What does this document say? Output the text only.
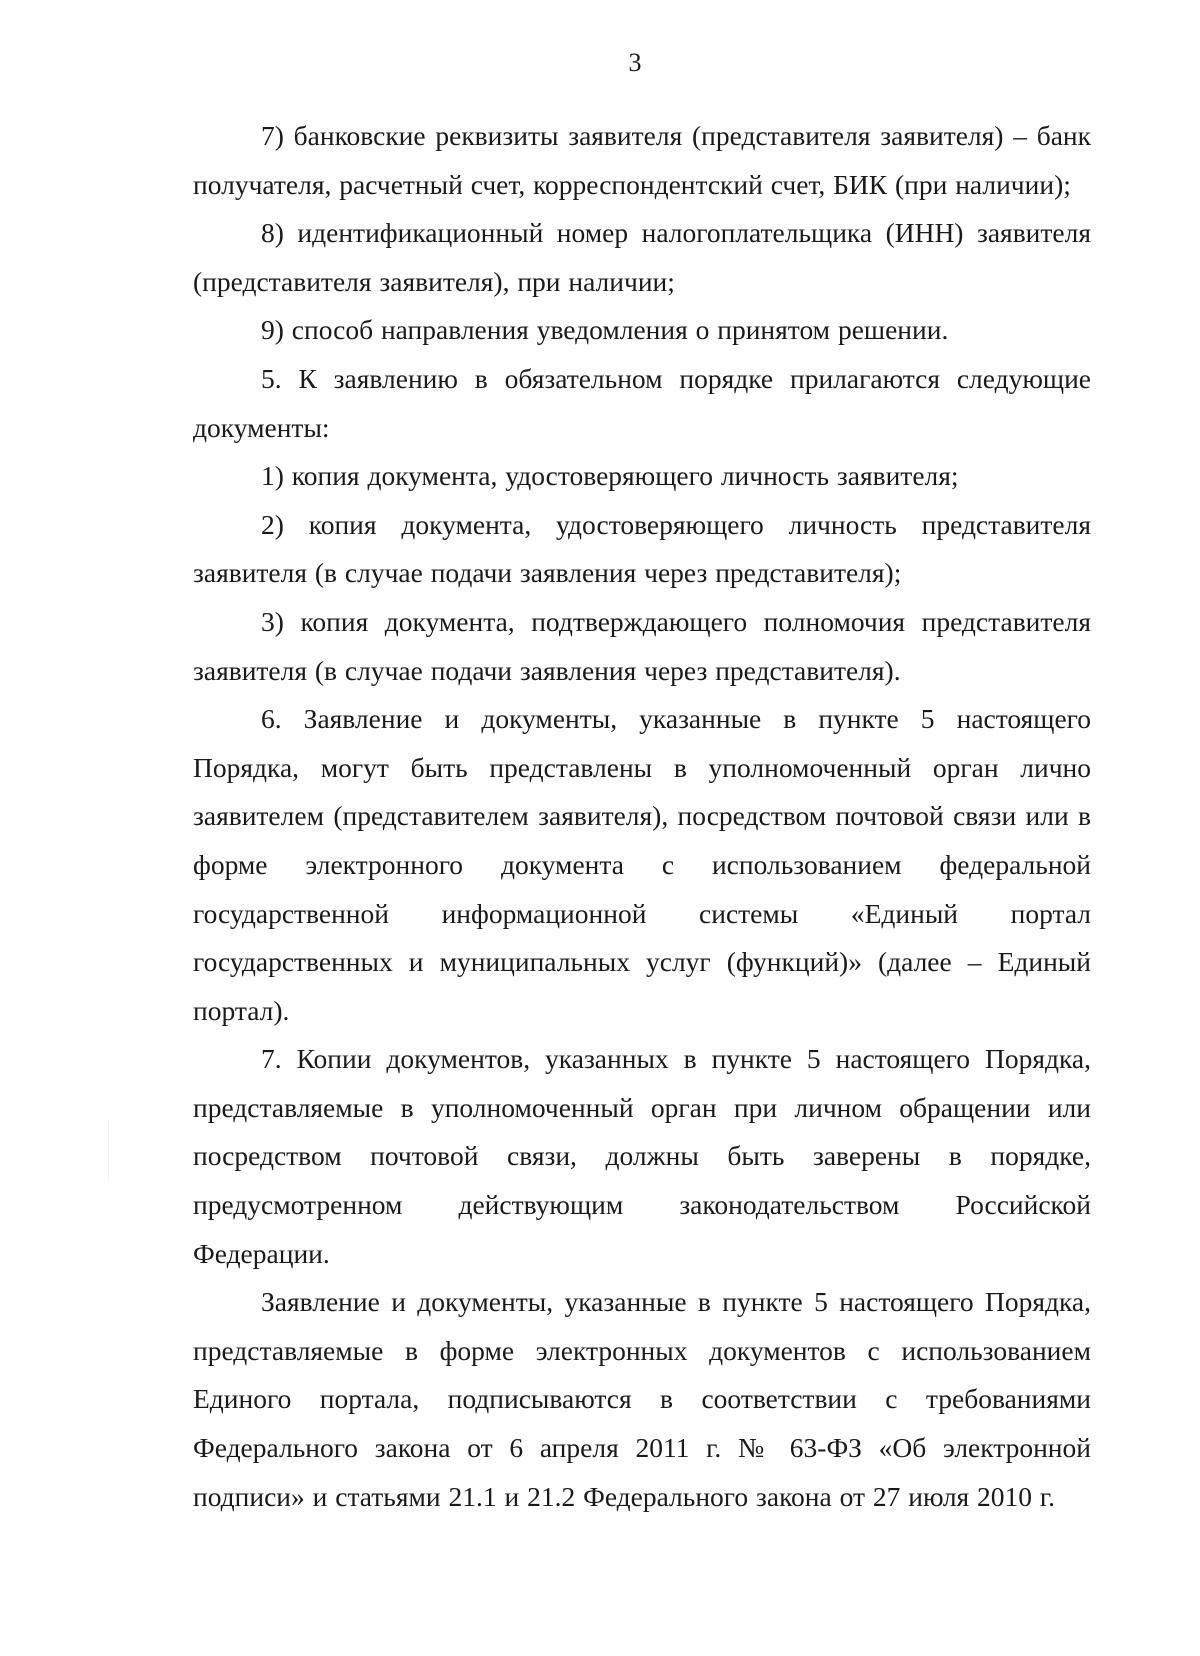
3

7) банковские реквизиты заявителя (представителя заявителя) – банк получателя, расчетный счет, корреспондентский счет, БИК (при наличии);

8) идентификационный номер налогоплательщика (ИНН) заявителя (представителя заявителя), при наличии;

9) способ направления уведомления о принятом решении.

5. К заявлению в обязательном порядке прилагаются следующие документы:

1) копия документа, удостоверяющего личность заявителя;

2) копия документа, удостоверяющего личность представителя заявителя (в случае подачи заявления через представителя);

3) копия документа, подтверждающего полномочия представителя заявителя (в случае подачи заявления через представителя).

6. Заявление и документы, указанные в пункте 5 настоящего Порядка, могут быть представлены в уполномоченный орган лично заявителем (представителем заявителя), посредством почтовой связи или в форме электронного документа с использованием федеральной государственной информационной системы «Единый портал государственных и муниципальных услуг (функций)» (далее – Единый портал).

7. Копии документов, указанных в пункте 5 настоящего Порядка, представляемые в уполномоченный орган при личном обращении или посредством почтовой связи, должны быть заверены в порядке, предусмотренном действующим законодательством Российской Федерации.

Заявление и документы, указанные в пункте 5 настоящего Порядка, представляемые в форме электронных документов с использованием Единого портала, подписываются в соответствии с требованиями Федерального закона от 6 апреля 2011 г. № 63-ФЗ «Об электронной подписи» и статьями 21.1 и 21.2 Федерального закона от 27 июля 2010 г.
